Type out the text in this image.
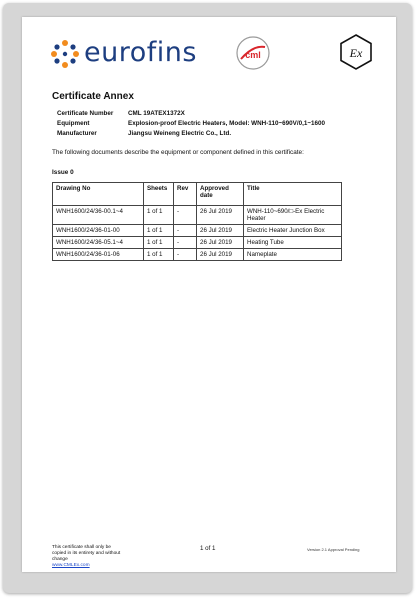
eurofins	cml	Ex
Certificate Annex
Certificate Number CML 19ATEX1372X
Equipment	Explosion-proof Electric Heaters, Model: WNH-110~690V/0,1~1600
Manufacturer	Jiangsu Weineng Electric Co., Ltd.
The following documents describe the equipment or component defined in this certificate:
Issue 0
Drawing No	Sheets	Rev	Approved date	Title
WNH1600/24/36-00.1~4	1 of 1	-	26 Jul 2019	WNH-110~690/□-Ex Electric Heater
WNH1600/24/36-01-00	1 of 1	-	26 Jul 2019	Electric Heater Junction Box
WNH1600/24/36-05.1~4	1 of 1	-	26 Jul 2019	Heating Tube
WNH1600/24/36-01-06	1 of 1	-	26 Jul 2019	Nameplate
This certificate shall only be copied in its entirety and without change
www.CMLEx.com
1 of 1	Version 2.1 Approval Pending
